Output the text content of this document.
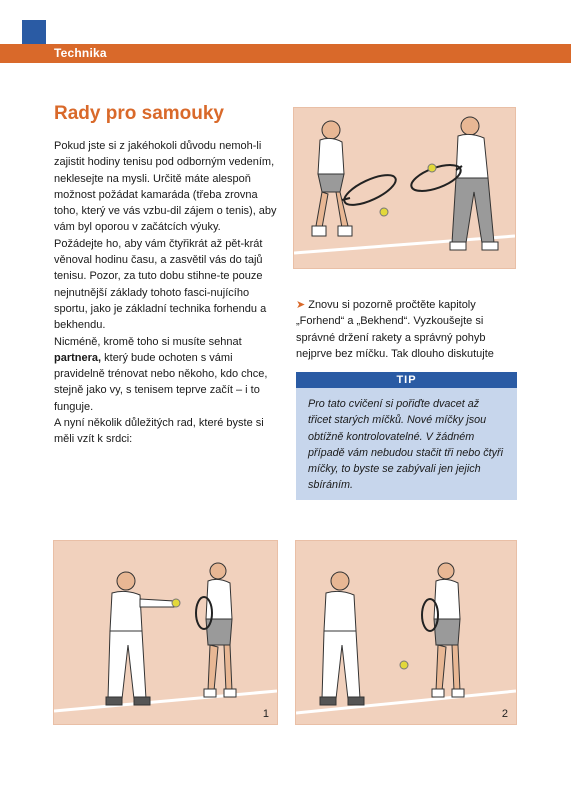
Technika
Rady pro samouky

Pokud jste si z jakéhokoli důvodu nemoh-li zajistit hodiny tenisu pod odborným vedením, neklesejte na mysli. Určitě máte alespoň možnost požádat kamaráda (třeba zrovna toho, který ve vás vzbu-dil zájem o tenis), aby vám byl oporou v začátcích výuky.

Požádejte ho, aby vám čtyřikrát až pět-krát věnoval hodinu času, a zasvětil vás do tajů tenisu. Pozor, za tuto dobu stihne-te pouze nejnutnější základy tohoto fasci-nujícího sportu, jako je základní technika forhendu a bekhendu.

Nicméně, kromě toho si musíte sehnat partnera, který bude ochoten s vámi pravidelně trénovat nebo někoho, kdo chce, stejně jako vy, s tenisem teprve začít – i to funguje.

A nyní několik důležitých rad, které byste si měli vzít k srdci:

➤ Znovu si pozorně pročtěte kapitoly „Forhend“ a „Bekhend“. Vyzkoušejte si správné držení rakety a správný pohyb nejprve bez míčku. Tak dlouho diskutujte

TIP
Pro tato cvičení si pořiďte dvacet až třicet starých míčků. Nové míčky jsou obtížně kontrolovatelné. V žádném případě vám nebudou stačit tři nebo čtyři míčky, to byste se zabývali jen jejich sbíráním.
1	2
